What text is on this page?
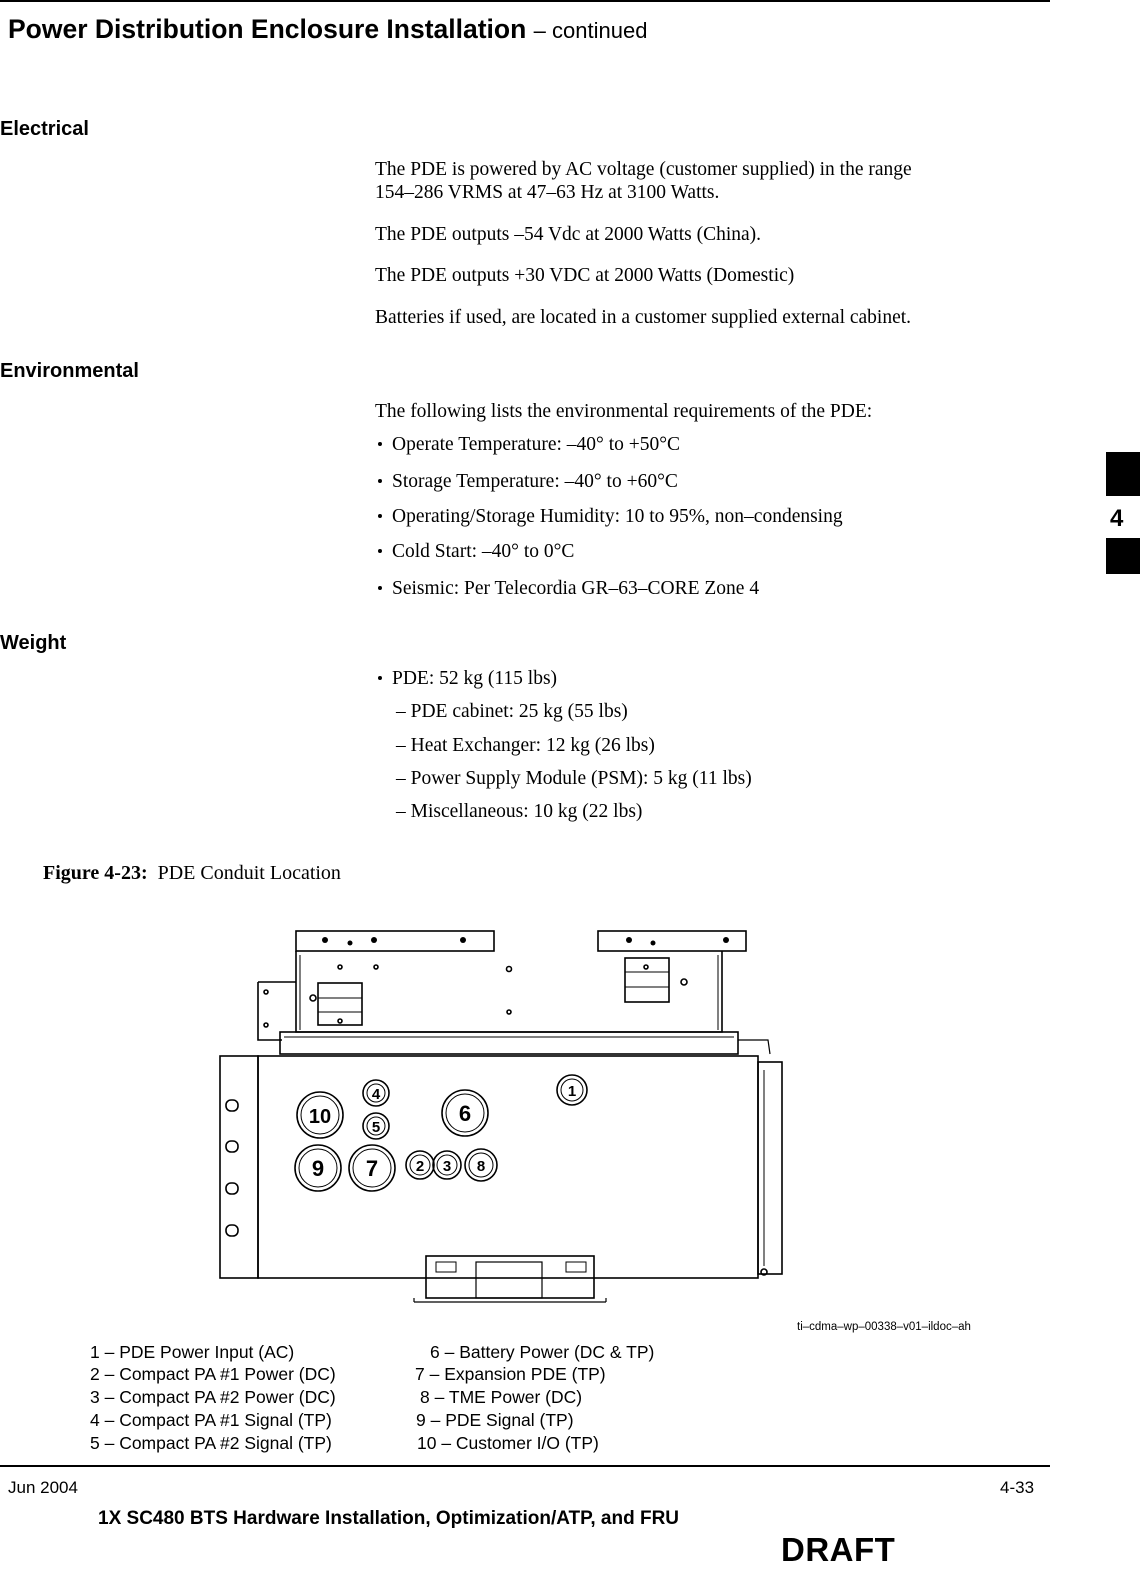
Power Distribution Enclosure Installation – continued
Electrical
The PDE is powered by AC voltage (customer supplied) in the range
154–286 VRMS at 47–63 Hz at 3100 Watts.
The PDE outputs –54 Vdc at 2000 Watts (China).
The PDE outputs +30 VDC at 2000 Watts (Domestic)
Batteries if used, are located in a customer supplied external cabinet.
Environmental
The following lists the environmental requirements of the PDE:
Operate Temperature: –40° to +50°C
Storage Temperature: –40° to +60°C
Operating/Storage Humidity: 10 to 95%, non–condensing
Cold Start: –40° to 0°C
Seismic: Per Telecordia GR–63–CORE Zone 4
Weight
PDE: 52 kg (115 lbs)
– PDE cabinet: 25 kg (55 lbs)
– Heat Exchanger: 12 kg (26 lbs)
– Power Supply Module (PSM): 5 kg (11 lbs)
– Miscellaneous: 10 kg (22 lbs)
Figure 4-23: PDE Conduit Location
1
2 3
4
5
6
7	8
9
10
ti–cdma–wp–00338–v01–ildoc–ah
1 – PDE Power Input (AC)
2 – Compact PA #1 Power (DC)
3 – Compact PA #2 Power (DC)
4 – Compact PA #1 Signal (TP)
5 – Compact PA #2 Signal (TP)
6 – Battery Power (DC & TP)
7 – Expansion PDE (TP)
8 – TME Power (DC)
9 – PDE Signal (TP)
10 – Customer I/O (TP)
4
Jun 2004
1X SC480 BTS Hardware Installation, Optimization/ATP, and FRU
4-33
DRAFT
